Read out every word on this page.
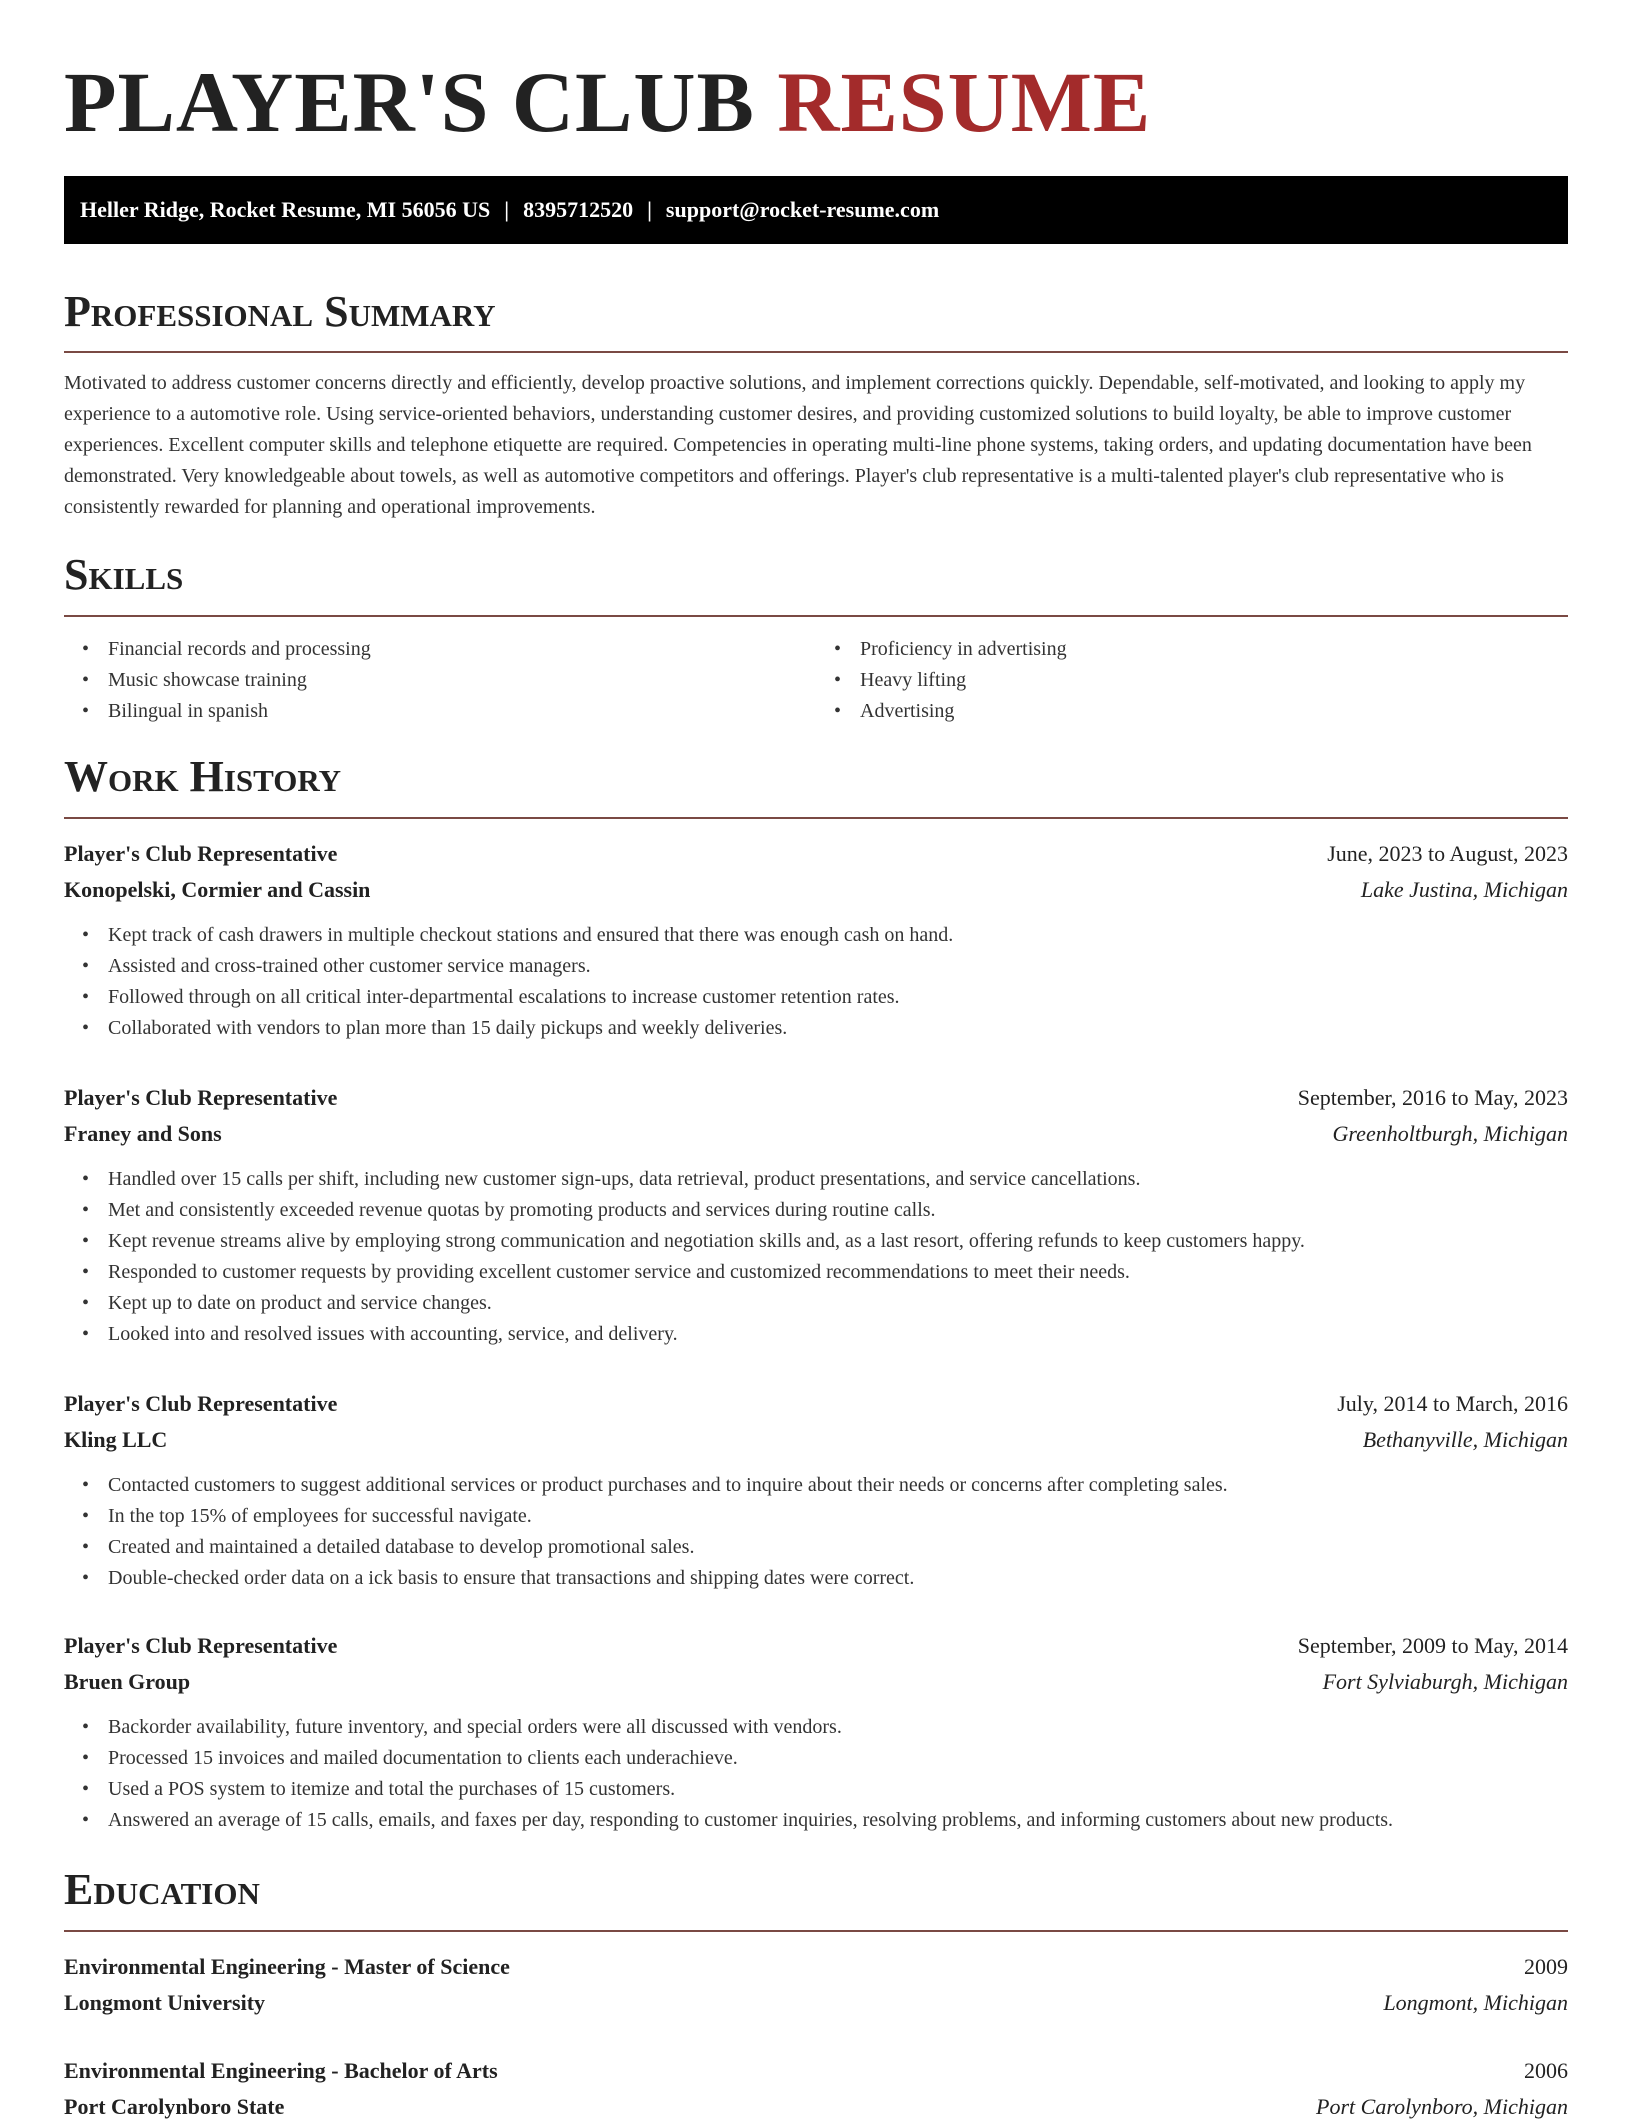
PLAYER'S CLUB RESUME
Heller Ridge, Rocket Resume, MI 56056 US | 8395712520 | support@rocket-resume.com
Professional Summary

Motivated to address customer concerns directly and efficiently, develop proactive solutions, and implement corrections quickly. Dependable, self-motivated, and looking to apply my experience to a automotive role. Using service-oriented behaviors, understanding customer desires, and providing customized solutions to build loyalty, be able to improve customer experiences. Excellent computer skills and telephone etiquette are required. Competencies in operating multi-line phone systems, taking orders, and updating documentation have been demonstrated. Very knowledgeable about towels, as well as automotive competitors and offerings. Player's club representative is a multi-talented player's club representative who is consistently rewarded for planning and operational improvements.

Skills
• Financial records and processing
• Music showcase training
• Bilingual in spanish
• Proficiency in advertising
• Heavy lifting
• Advertising
Work History
Player's Club Representative	June, 2023 to August, 2023
Konopelski, Cormier and Cassin	Lake Justina, Michigan
• Kept track of cash drawers in multiple checkout stations and ensured that there was enough cash on hand.
• Assisted and cross-trained other customer service managers.
• Followed through on all critical inter-departmental escalations to increase customer retention rates.
• Collaborated with vendors to plan more than 15 daily pickups and weekly deliveries.
Player's Club Representative	September, 2016 to May, 2023
Franey and Sons	Greenholtburgh, Michigan
• Handled over 15 calls per shift, including new customer sign-ups, data retrieval, product presentations, and service cancellations.
• Met and consistently exceeded revenue quotas by promoting products and services during routine calls.
• Kept revenue streams alive by employing strong communication and negotiation skills and, as a last resort, offering refunds to keep customers happy.
• Responded to customer requests by providing excellent customer service and customized recommendations to meet their needs.
• Kept up to date on product and service changes.
• Looked into and resolved issues with accounting, service, and delivery.
Player's Club Representative	July, 2014 to March, 2016
Kling LLC	Bethanyville, Michigan
• Contacted customers to suggest additional services or product purchases and to inquire about their needs or concerns after completing sales.
• In the top 15% of employees for successful navigate.
• Created and maintained a detailed database to develop promotional sales.
• Double-checked order data on a ick basis to ensure that transactions and shipping dates were correct.
Player's Club Representative	September, 2009 to May, 2014
Bruen Group	Fort Sylviaburgh, Michigan
• Backorder availability, future inventory, and special orders were all discussed with vendors.
• Processed 15 invoices and mailed documentation to clients each underachieve.
• Used a POS system to itemize and total the purchases of 15 customers.
• Answered an average of 15 calls, emails, and faxes per day, responding to customer inquiries, resolving problems, and informing customers about new products.
Education
Environmental Engineering - Master of Science	2009
Longmont University	Longmont, Michigan
Environmental Engineering - Bachelor of Arts	2006
Port Carolynboro State	Port Carolynboro, Michigan
